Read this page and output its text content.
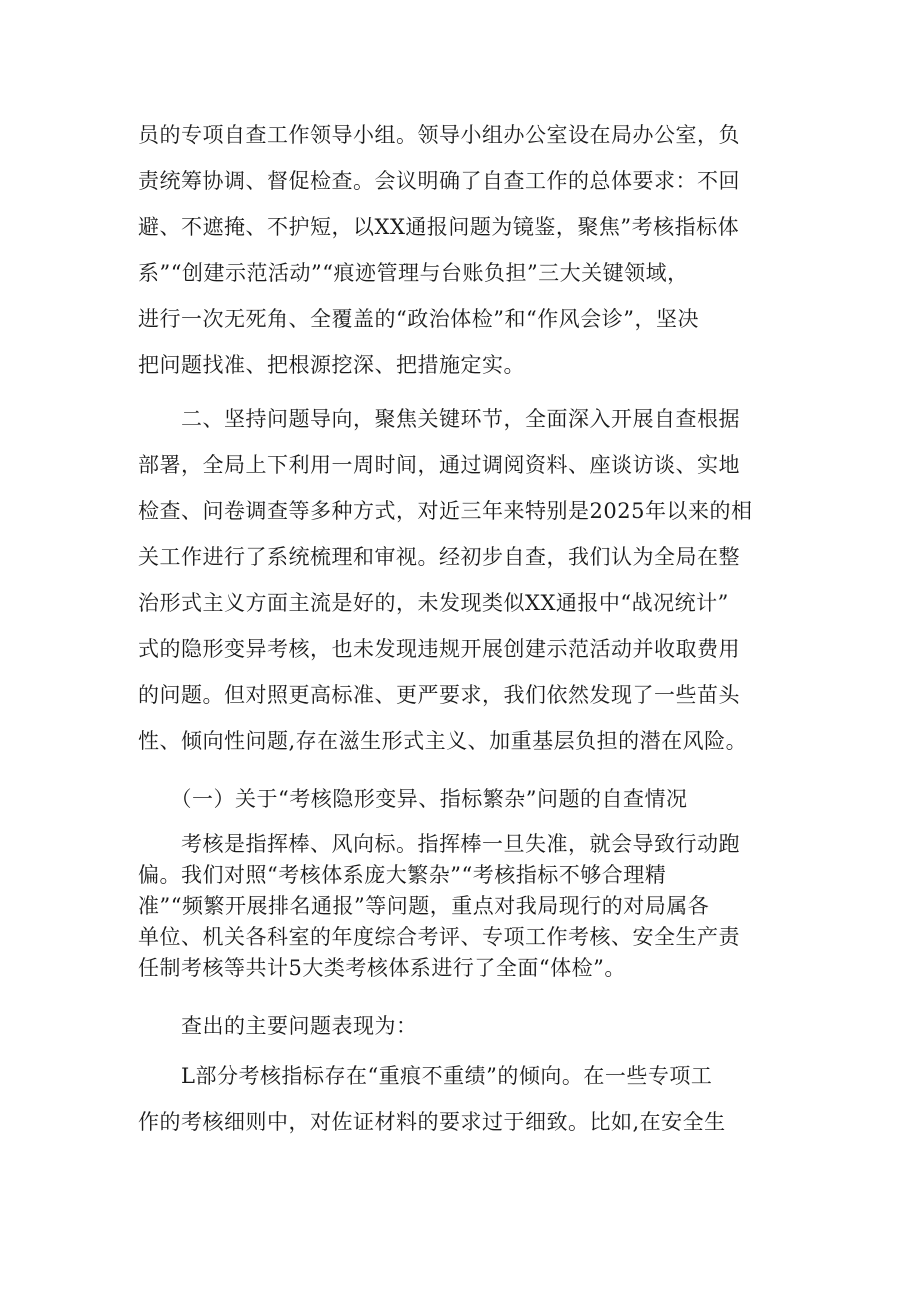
员的专项自查工作领导小组。领导小组办公室设在局办公室，负
责统筹协调、督促检查。会议明确了自查工作的总体要求：不回
避、不遮掩、不护短，以XX通报问题为镜鉴，聚焦”考核指标体
系”“创建示范活动”“痕迹管理与台账负担”三大关键领域，
进行一次无死角、全覆盖的“政治体检”和“作风会诊”，坚决
把问题找准、把根源挖深、把措施定实。
　　二、坚持问题导向，聚焦关键环节，全面深入开展自查根据
部署，全局上下利用一周时间，通过调阅资料、座谈访谈、实地
检查、问卷调查等多种方式，对近三年来特别是2025年以来的相
关工作进行了系统梳理和审视。经初步自查，我们认为全局在整
治形式主义方面主流是好的，未发现类似XX通报中“战况统计”
式的隐形变异考核，也未发现违规开展创建示范活动并收取费用
的问题。但对照更高标准、更严要求，我们依然发现了一些苗头
性、倾向性问题,存在滋生形式主义、加重基层负担的潜在风险。
　　（一）关于“考核隐形变异、指标繁杂”问题的自查情况
　　考核是指挥棒、风向标。指挥棒一旦失准，就会导致行动跑
偏。我们对照“考核体系庞大繁杂”“考核指标不够合理精
准”“频繁开展排名通报”等问题，重点对我局现行的对局属各
单位、机关各科室的年度综合考评、专项工作考核、安全生产责
任制考核等共计5大类考核体系进行了全面“体检”。
　　查出的主要问题表现为：
　　L部分考核指标存在“重痕不重绩”的倾向。在一些专项工
作的考核细则中，对佐证材料的要求过于细致。比如,在安全生
